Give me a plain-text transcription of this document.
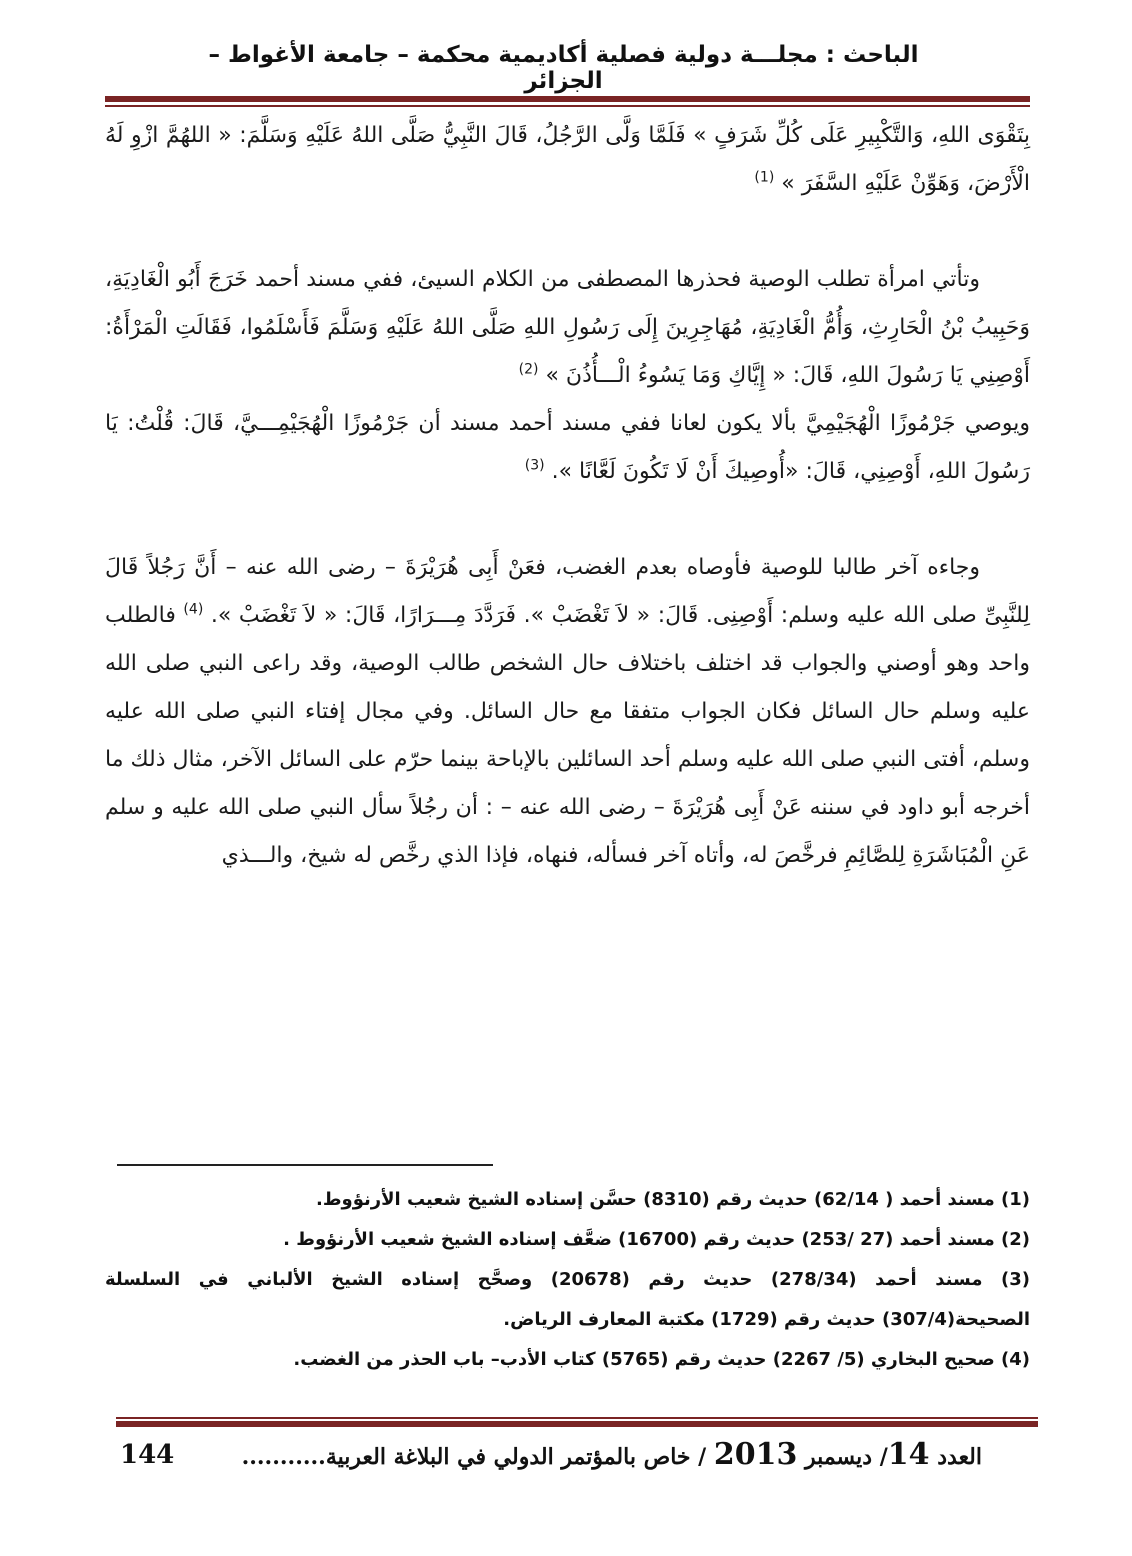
الباحث : مجلـــة دولية فصلية أكاديمية محكمة – جامعة الأغواط – الجزائر

بِتَقْوَى اللهِ، وَالتَّكْبِيرِ عَلَى كُلِّ شَرَفٍ » فَلَمَّا وَلَّى الرَّجُلُ، قَالَ النَّبِيُّ صَلَّى اللهُ عَلَيْهِ وَسَلَّمَ: « اللهُمَّ ازْوِ لَهُ الْأَرْضَ، وَهَوِّنْ عَلَيْهِ السَّفَرَ » $^{(1)}$

وتأتي امرأة تطلب الوصية فحذرها المصطفى من الكلام السيئ، ففي مسند أحمد خَرَجَ أَبُو الْغَادِيَةِ، وَحَبِيبُ بْنُ الْحَارِثِ، وَأُمُّ الْغَادِيَةِ، مُهَاجِرِينَ إِلَى رَسُولِ اللهِ صَلَّى اللهُ عَلَيْهِ وَسَلَّمَ فَأَسْلَمُوا، فَقَالَتِ الْمَرْأَةُ: أَوْصِنِي يَا رَسُولَ اللهِ، قَالَ: « إِيَّاكِ وَمَا يَسُوءُ الْـــأُذُنَ » $^{(2)}$

ويوصي جَرْمُوزًا الْهُجَيْمِيَّ بألا يكون لعانا ففي مسند أحمد مسند أن جَرْمُوزًا الْهُجَيْمِـــيَّ، قَالَ: قُلْتُ: يَا رَسُولَ اللهِ، أَوْصِنِي، قَالَ: «أُوصِيكَ أَنْ لَا تَكُونَ لَعَّانًا ». $^{(3)}$

وجاءه آخر طالبا للوصية فأوصاه بعدم الغضب، فعَنْ أَبِى هُرَيْرَةَ – رضى الله عنه – أَنَّ رَجُلاً قَالَ لِلنَّبِىِّ صلى الله عليه وسلم: أَوْصِنِى. قَالَ: « لاَ تَغْضَبْ ». فَرَدَّدَ مِـــرَارًا، قَالَ: « لاَ تَغْضَبْ ». $^{(4)}$ فالطلب واحد وهو أوصني والجواب قد اختلف باختلاف حال الشخص طالب الوصية، وقد راعى النبي صلى الله عليه وسلم حال السائل فكان الجواب متفقا مع حال السائل. وفي مجال إفتاء النبي صلى الله عليه وسلم، أفتى النبي صلى الله عليه وسلم أحد السائلين بالإباحة بينما حرّم على السائل الآخر، مثال ذلك ما أخرجه أبو داود في سننه عَنْ أَبِى هُرَيْرَةَ – رضى الله عنه – : أن رجُلاً سأل النبي صلى الله عليه و سلم عَنِ الْمُبَاشَرَةِ لِلصَّائِمِ فرخَّصَ له، وأتاه آخر فسأله، فنهاه، فإذا الذي رخَّص له شيخ، والـــذي

(1) مسند أحمد ( 62/14) حديث رقم (8310) حسَّن إسناده الشيخ شعيب الأرنؤوط.

(2) مسند أحمد (27 /253) حديث رقم (16700) ضعَّف إسناده الشيخ شعيب الأرنؤوط .

(3) مسند أحمد (278/34) حديث رقم (20678) وصحَّح إسناده الشيخ الألباني في السلسلة الصحيحة(307/4) حديث رقم (1729) مكتبة المعارف الرياض.

(4) صحيح البخاري (5/ 2267) حديث رقم (5765) كتاب الأدب– باب الحذر من الغضب.

العدد 14/ ديسمبر 2013 / خاص بالمؤتمر الدولي في البلاغة العربية...........
144
